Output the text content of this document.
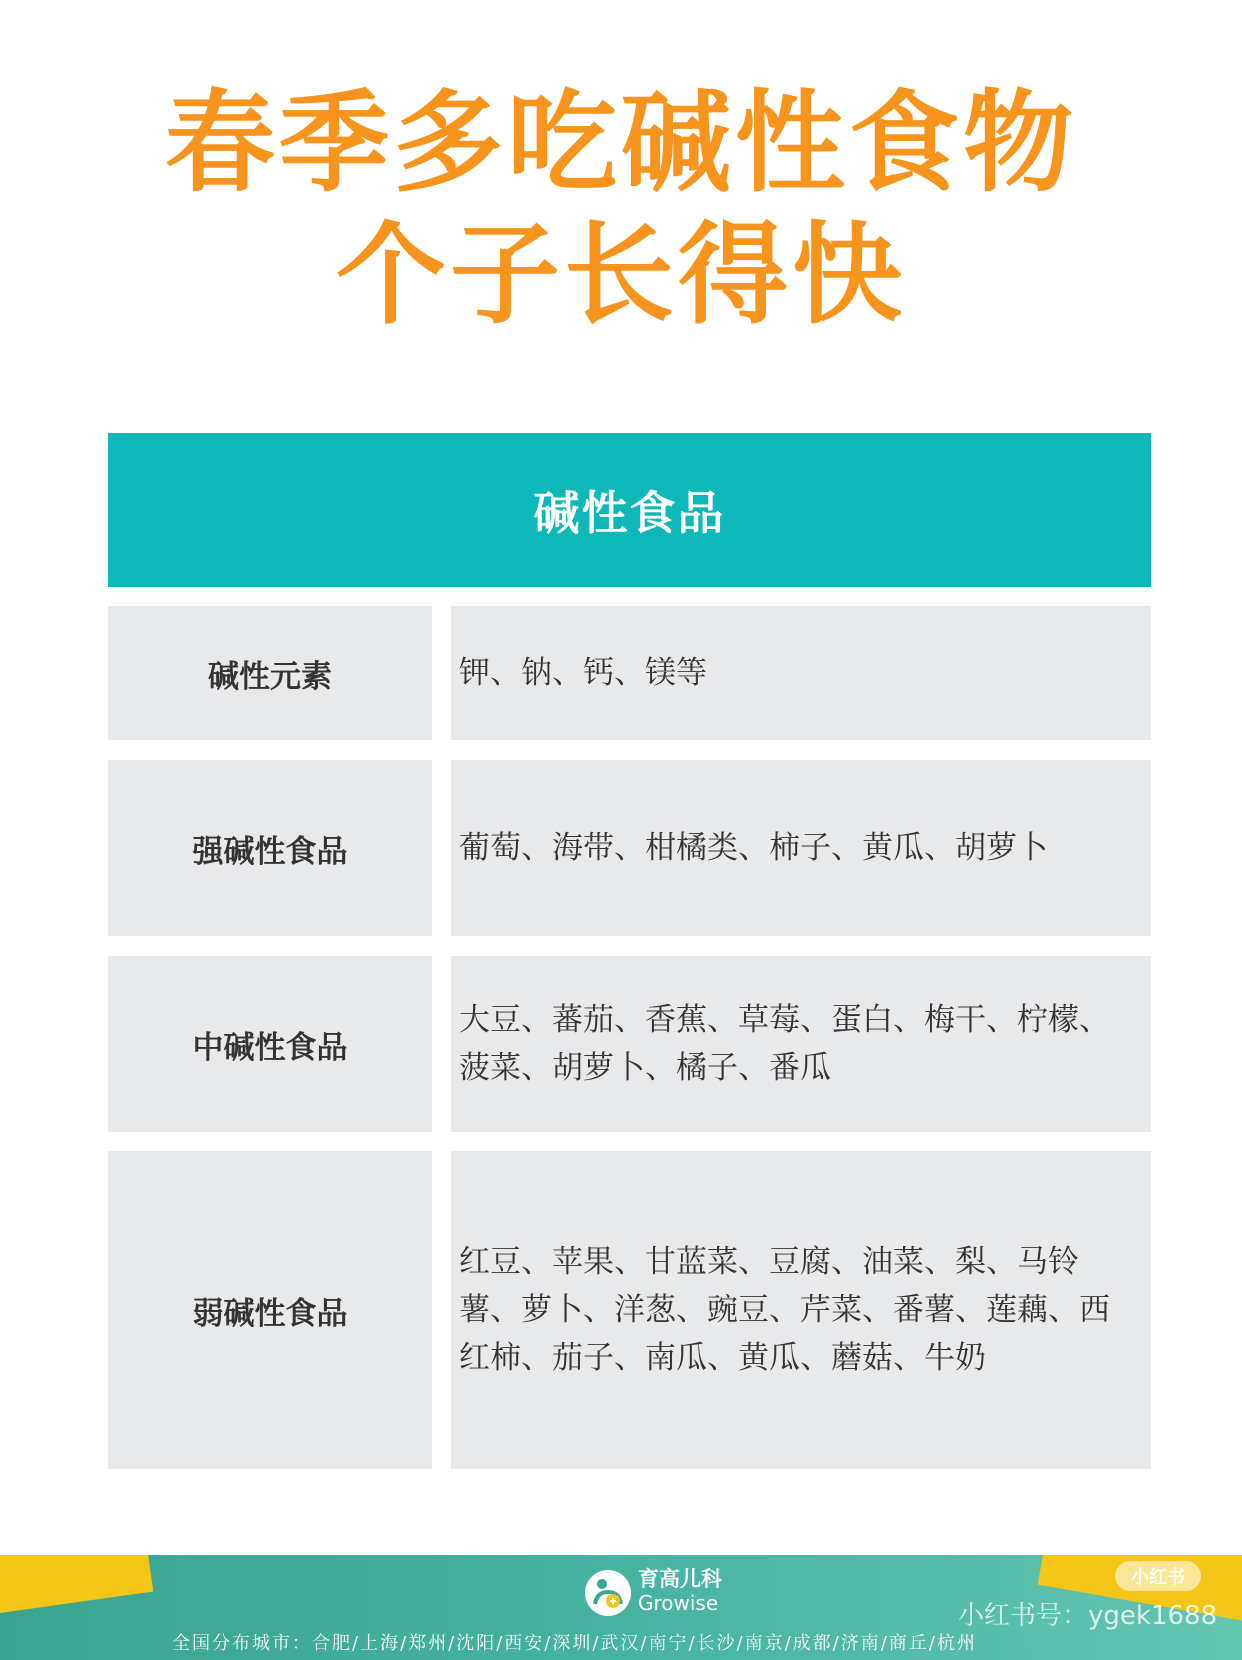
春季多吃碱性食物
个子长得快
碱性食品
碱性元素	钾、钠、钙、镁等
强碱性食品	葡萄、海带、柑橘类、柿子、黄瓜、胡萝卜
中碱性食品
大豆、蕃茄、香蕉、草莓、蛋白、梅干、柠檬、菠菜、胡萝卜、橘子、番瓜
弱碱性食品
红豆、苹果、甘蓝菜、豆腐、油菜、梨、马铃薯、萝卜、洋葱、豌豆、芹菜、番薯、莲藕、西红柿、茄子、南瓜、黄瓜、蘑菇、牛奶
育高儿科
Growise
全国分布城市：合肥/上海/郑州/沈阳/西安/深圳/武汉/南宁/长沙/南京/成都/济南/商丘/杭州
小红书
小红书号：ygek1688
